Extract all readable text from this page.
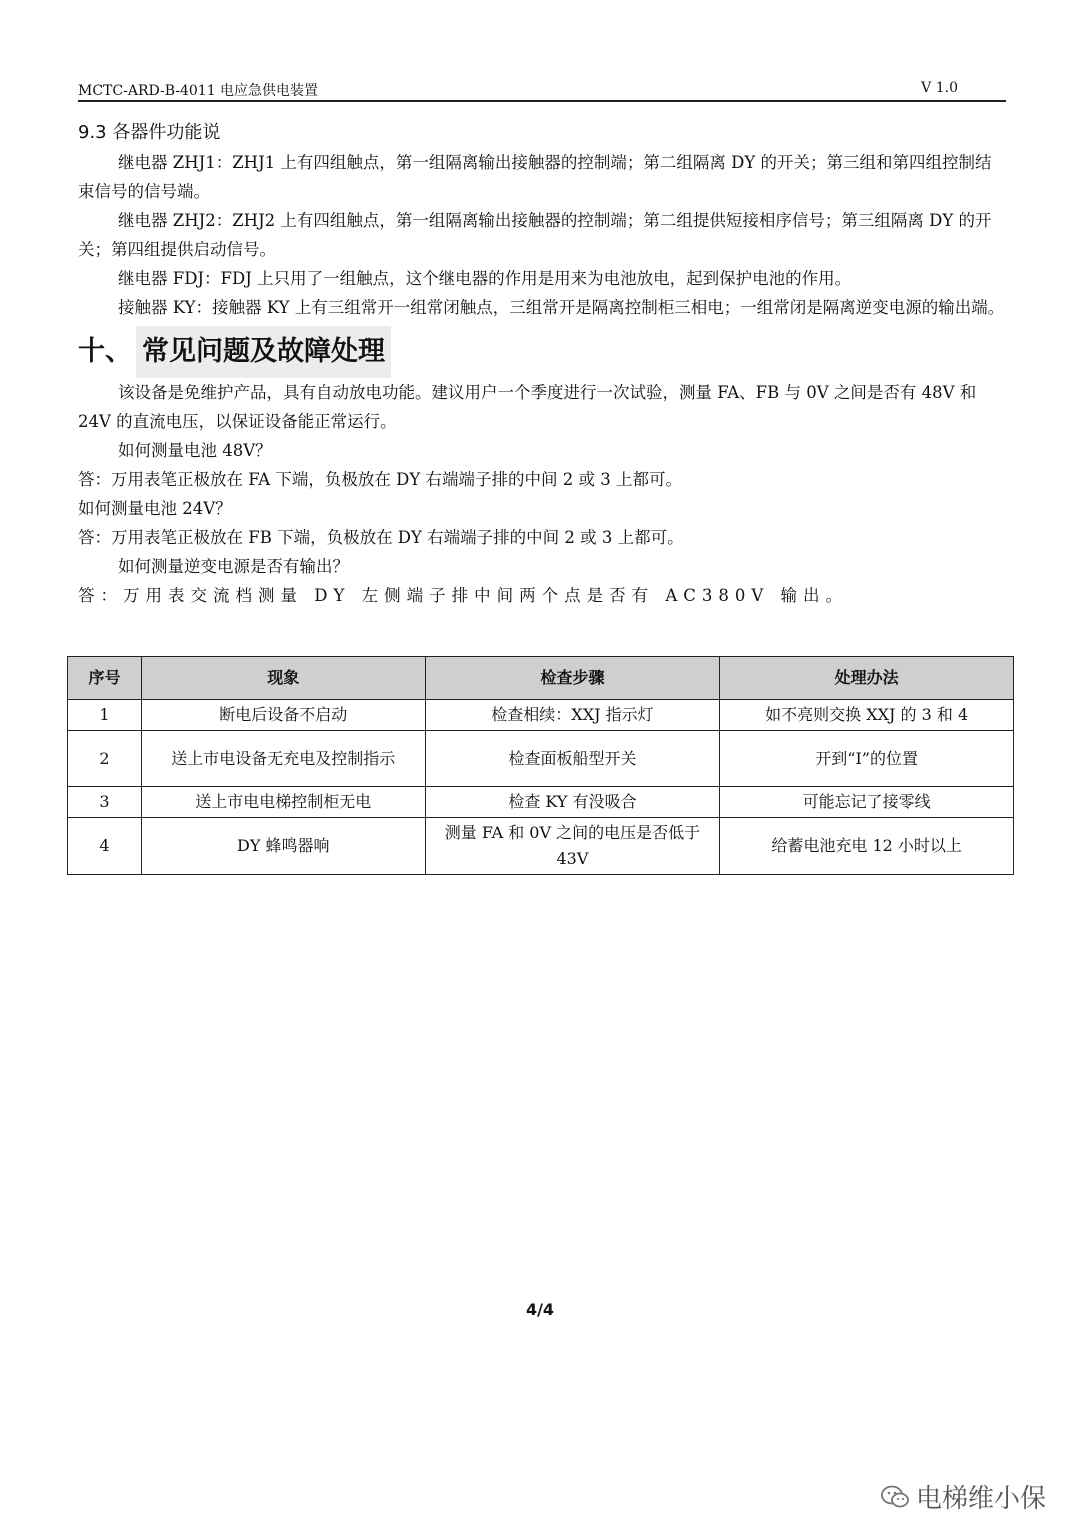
MCTC-ARD-B-4011 电应急供电装置	V 1.0
9.3 各器件功能说

继电器 ZHJ1：ZHJ1 上有四组触点，第一组隔离输出接触器的控制端；第二组隔离 DY 的开关；第三组和第四组控制结束信号的信号端。

继电器 ZHJ2：ZHJ2 上有四组触点，第一组隔离输出接触器的控制端；第二组提供短接相序信号；第三组隔离 DY 的开关；第四组提供启动信号。

继电器 FDJ：FDJ 上只用了一组触点，这个继电器的作用是用来为电池放电，起到保护电池的作用。

接触器 KY：接触器 KY 上有三组常开一组常闭触点，三组常开是隔离控制柜三相电；一组常闭是隔离逆变电源的输出端。

十、 常见问题及故障处理

该设备是免维护产品，具有自动放电功能。建议用户一个季度进行一次试验，测量 FA、FB 与 0V 之间是否有 48V 和 24V 的直流电压，以保证设备能正常运行。

如何测量电池 48V？

答：万用表笔正极放在 FA 下端，负极放在 DY 右端端子排的中间 2 或 3 上都可。

如何测量电池 24V？

答：万用表笔正极放在 FB 下端，负极放在 DY 右端端子排的中间 2 或 3 上都可。

如何测量逆变电源是否有输出？

答：万用表交流档测量 DY 左侧端子排中间两个点是否有 AC380V 输出。

序号	现象	检查步骤	处理办法
1	断电后设备不启动	检查相续：XXJ 指示灯	如不亮则交换 XXJ 的 3 和 4
2	送上市电设备无充电及控制指示	检查面板船型开关	开到“I”的位置
3	送上市电电梯控制柜无电	检查 KY 有没吸合	可能忘记了接零线
4	DY 蜂鸣器响	测量 FA 和 0V 之间的电压是否低于 43V	给蓄电池充电 12 小时以上
4/4
电梯维小保
